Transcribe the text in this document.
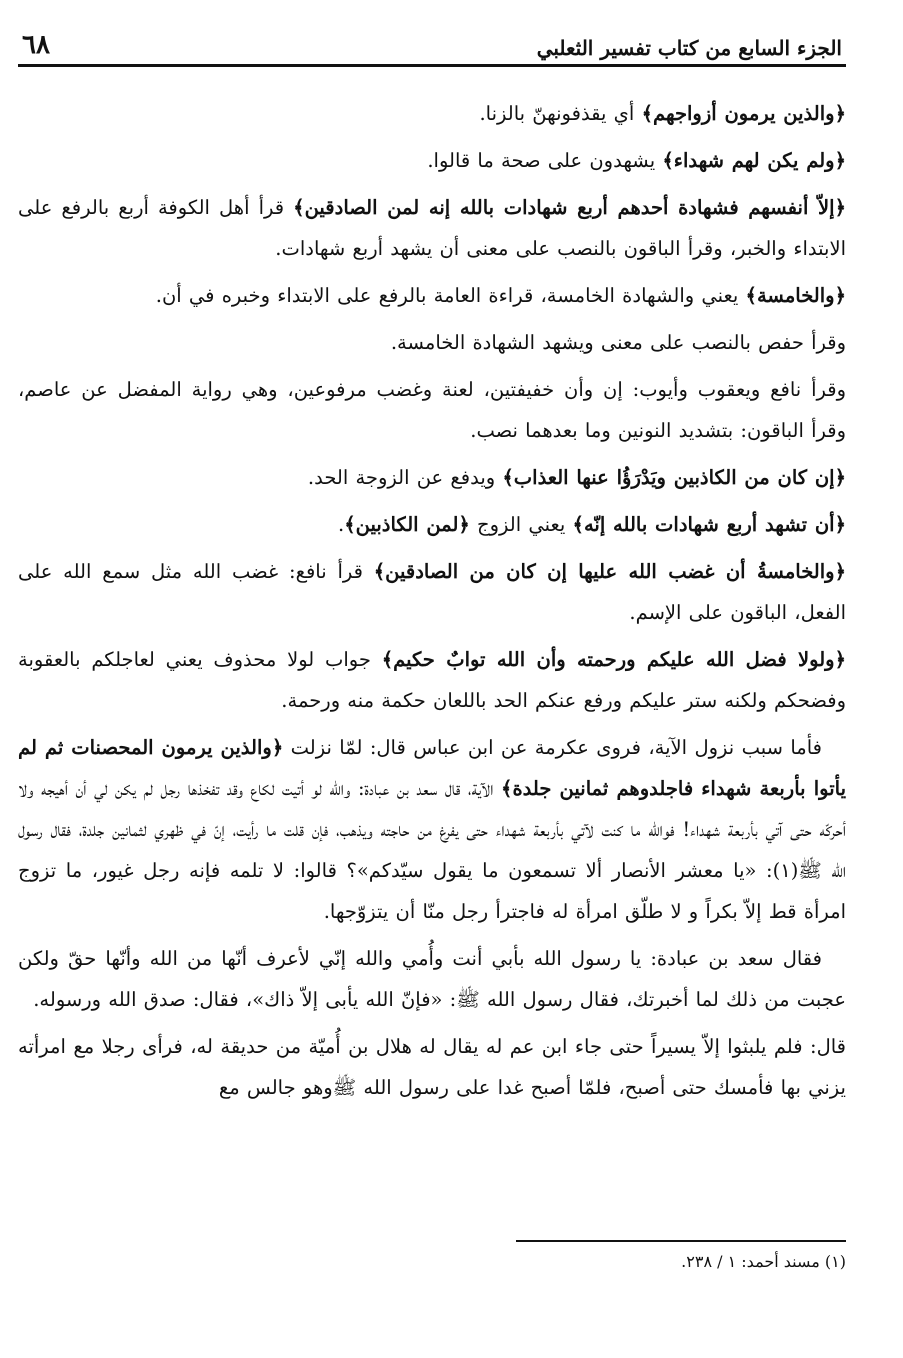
الجزء السابع من كتاب تفسير الثعلبي
٦٨

﴿والذين يرمون أزواجهم﴾ أي يقذفونهنّ بالزنا.

﴿ولم يكن لهم شهداء﴾ يشهدون على صحة ما قالوا.

﴿إلاّ أنفسهم فشهادة أحدهم أربع شهادات بالله إنه لمن الصادقين﴾ قرأ أهل الكوفة أربع بالرفع على الابتداء والخبر، وقرأ الباقون بالنصب على معنى أن يشهد أربع شهادات.

﴿والخامسة﴾ يعني والشهادة الخامسة، قراءة العامة بالرفع على الابتداء وخبره في أن.

وقرأ حفص بالنصب على معنى ويشهد الشهادة الخامسة.

وقرأ نافع ويعقوب وأيوب: إن وأن خفيفتين، لعنة وغضب مرفوعين، وهي رواية المفضل عن عاصم، وقرأ الباقون: بتشديد النونين وما بعدهما نصب.

﴿إن كان من الكاذبين ويَدْرَؤُا عنها العذاب﴾ ويدفع عن الزوجة الحد.

﴿أن تشهد أربع شهادات بالله إنّه﴾ يعني الزوج ﴿لمن الكاذبين﴾.

﴿والخامسةُ أن غضب الله عليها إن كان من الصادقين﴾ قرأ نافع: غضب الله مثل سمع الله على الفعل، الباقون على الإسم.

﴿ولولا فضل الله عليكم ورحمته وأن الله توابٌ حكيم﴾ جواب لولا محذوف يعني لعاجلكم بالعقوبة وفضحكم ولكنه ستر عليكم ورفع عنكم الحد باللعان حكمة منه ورحمة.

فأما سبب نزول الآية، فروى عكرمة عن ابن عباس قال: لمّا نزلت ﴿والذين يرمون المحصنات ثم لم يأتوا بأربعة شهداء فاجلدوهم ثمانين جلدة﴾ الآية، قال سعد بن عبادة: والله لو أتيت لكاع وقد تفخذها رجل لم يكن لي أن أهيجه ولا أحركّه حتى آتي بأربعة شهداء! فوالله ما كنت لآتي بأربعة شهداء حتى يفرغ من حاجته ويذهب، فإن قلت ما رأيت، إنّ في ظهري لثمانين جلدة، فقال رسول الله ﷺ(١): «يا معشر الأنصار ألا تسمعون ما يقول سيّدكم»؟ قالوا: لا تلمه فإنه رجل غيور، ما تزوج امرأة قط إلاّ بكراً و لا طلّق امرأة له فاجترأ رجل منّا أن يتزوّجها.

فقال سعد بن عبادة: يا رسول الله بأبي أنت وأُمي والله إنّي لأعرف أنّها من الله وأنّها حقّ ولكن عجبت من ذلك لما أخبرتك، فقال رسول الله ﷺ: «فإنّ الله يأبى إلاّ ذاك»، فقال: صدق الله ورسوله.

قال: فلم يلبثوا إلاّ يسيراً حتى جاء ابن عم له يقال له هلال بن أُميّة من حديقة له، فرأى رجلا مع امرأته يزني بها فأمسك حتى أصبح، فلمّا أصبح غدا على رسول الله ﷺوهو جالس مع

(١) مسند أحمد: ١ / ٢٣٨.
